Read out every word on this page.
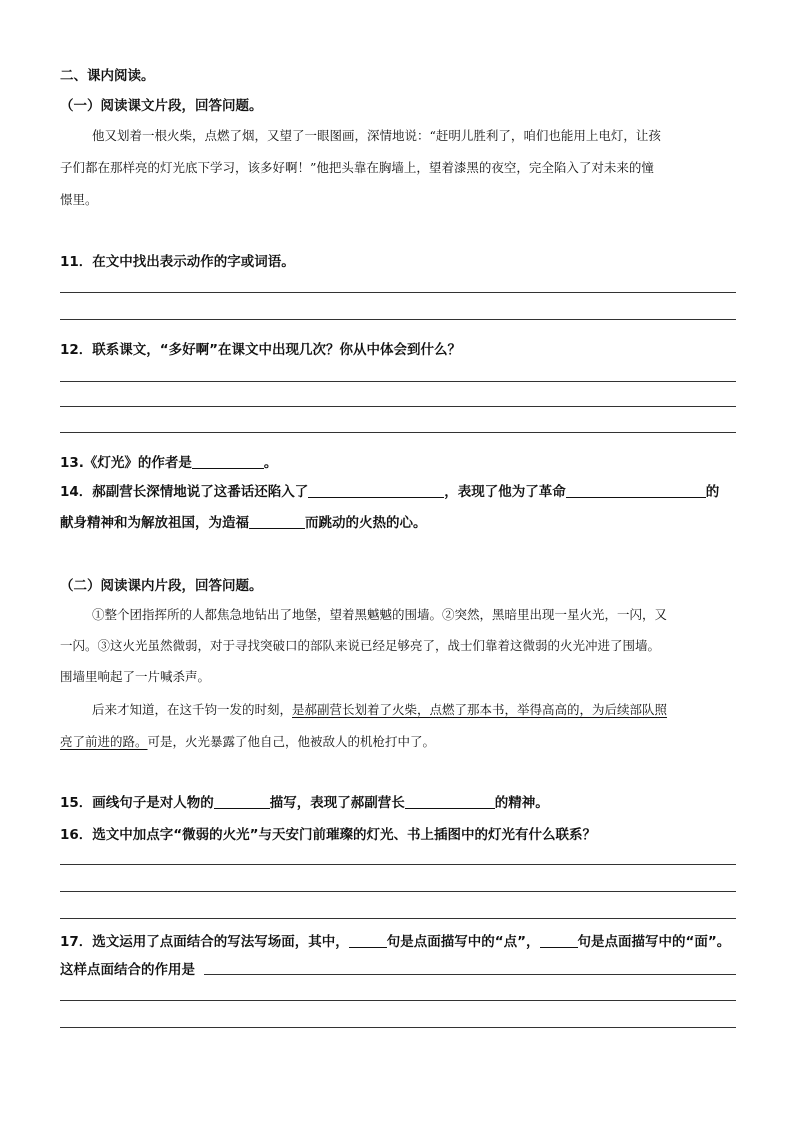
二、课内阅读。
（一）阅读课文片段，回答问题。
他又划着一根火柴，点燃了烟，又望了一眼图画，深情地说：“赶明儿胜利了，咱们也能用上电灯，让孩
子们都在那样亮的灯光底下学习，该多好啊！”他把头靠在胸墙上，望着漆黑的夜空，完全陷入了对未来的憧
憬里。
11．在文中找出表示动作的字或词语。
12．联系课文，“多好啊”在课文中出现几次？你从中体会到什么？
13.《灯光》的作者是	。
14．郝副营长深情地说了这番话还陷入了	，表现了他为了革命	的
献身精神和为解放祖国，为造福	而跳动的火热的心。
（二）阅读课内片段，回答问题。
①整个团指挥所的人都焦急地钻出了地堡，望着黑魆魆的围墙。②突然，黑暗里出现一星火光，一闪，又
一闪。③这火光虽然微弱，对于寻找突破口的部队来说已经足够亮了，战士们靠着这微弱的火光冲进了围墙。
围墙里响起了一片喊杀声。
后来才知道，在这千钧一发的时刻，是郝副营长划着了火柴，点燃了那本书，举得高高的，为后续部队照
亮了前进的路。可是，火光暴露了他自己，他被敌人的机枪打中了。
15．画线句子是对人物的	描写，表现了郝副营长	的精神。
16．选文中加点字“微弱的火光”与天安门前璀璨的灯光、书上插图中的灯光有什么联系？
17．选文运用了点面结合的写法写场面，其中，	句是点面描写中的“点”，	句是点面描写中的“面”。
这样点面结合的作用是
